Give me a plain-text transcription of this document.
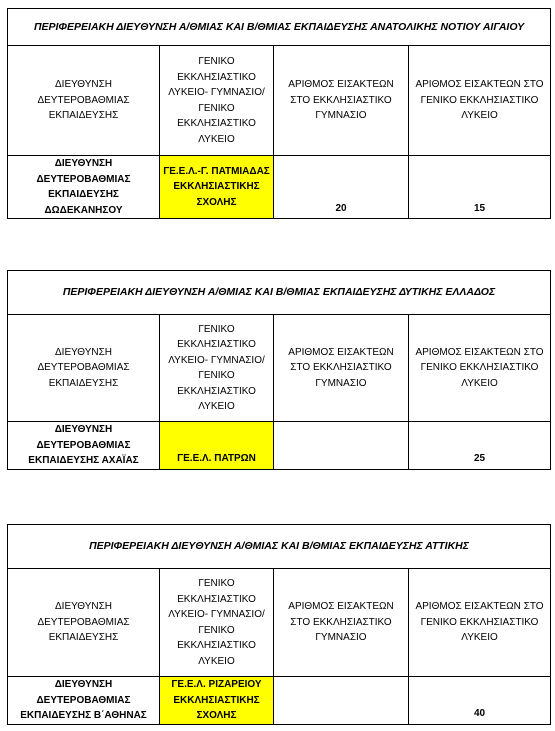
ΠΕΡΙΦΕΡΕΙΑΚΗ ΔΙΕΥΘΥΝΣΗ Α/ΘΜΙΑΣ ΚΑΙ Β/ΘΜΙΑΣ ΕΚΠΑΙΔΕΥΣΗΣ ΑΝΑΤΟΛΙΚΗΣ ΝΟΤΙΟΥ ΑΙΓΑΙΟΥ			
ΔΙΕΥΘΥΝΣΗ ΔΕΥΤΕΡΟΒΑΘΜΙΑΣ ΕΚΠΑΙΔΕΥΣΗΣ	ΓΕΝΙΚΟ ΕΚΚΛΗΣΙΑΣΤΙΚΟ ΛΥΚΕΙΟ- ΓΥΜΝΑΣΙΟ/ ΓΕΝΙΚΟ ΕΚΚΛΗΣΙΑΣΤΙΚΟ ΛΥΚΕΙΟ	ΑΡΙΘΜΟΣ ΕΙΣΑΚΤΕΩΝ ΣΤΟ ΕΚΚΛΗΣΙΑΣΤΙΚΟ ΓΥΜΝΑΣΙΟ	ΑΡΙΘΜΟΣ ΕΙΣΑΚΤΕΩΝ ΣΤΟ ΓΕΝΙΚΟ ΕΚΚΛΗΣΙΑΣΤΙΚΟ ΛΥΚΕΙΟ
ΔΙΕΥΘΥΝΣΗ ΔΕΥΤΕΡΟΒΑΘΜΙΑΣ ΕΚΠΑΙΔΕΥΣΗΣ ΔΩΔΕΚΑΝΗΣΟΥ	ΓΕ.Ε.Λ.-Γ. ΠΑΤΜΙΑΔΑΣ ΕΚΚΛΗΣΙΑΣΤΙΚΗΣ ΣΧΟΛΗΣ	20	15
ΠΕΡΙΦΕΡΕΙΑΚΗ ΔΙΕΥΘΥΝΣΗ Α/ΘΜΙΑΣ ΚΑΙ Β/ΘΜΙΑΣ ΕΚΠΑΙΔΕΥΣΗΣ ΔΥΤΙΚΗΣ ΕΛΛΑΔΟΣ			
ΔΙΕΥΘΥΝΣΗ ΔΕΥΤΕΡΟΒΑΘΜΙΑΣ ΕΚΠΑΙΔΕΥΣΗΣ	ΓΕΝΙΚΟ ΕΚΚΛΗΣΙΑΣΤΙΚΟ ΛΥΚΕΙΟ- ΓΥΜΝΑΣΙΟ/ ΓΕΝΙΚΟ ΕΚΚΛΗΣΙΑΣΤΙΚΟ ΛΥΚΕΙΟ	ΑΡΙΘΜΟΣ ΕΙΣΑΚΤΕΩΝ ΣΤΟ ΕΚΚΛΗΣΙΑΣΤΙΚΟ ΓΥΜΝΑΣΙΟ	ΑΡΙΘΜΟΣ ΕΙΣΑΚΤΕΩΝ ΣΤΟ ΓΕΝΙΚΟ ΕΚΚΛΗΣΙΑΣΤΙΚΟ ΛΥΚΕΙΟ
ΔΙΕΥΘΥΝΣΗ ΔΕΥΤΕΡΟΒΑΘΜΙΑΣ ΕΚΠΑΙΔΕΥΣΗΣ ΑΧΑΪΑΣ	ΓΕ.Ε.Λ. ΠΑΤΡΩΝ		25
ΠΕΡΙΦΕΡΕΙΑΚΗ ΔΙΕΥΘΥΝΣΗ Α/ΘΜΙΑΣ ΚΑΙ Β/ΘΜΙΑΣ ΕΚΠΑΙΔΕΥΣΗΣ ΑΤΤΙΚΗΣ			
ΔΙΕΥΘΥΝΣΗ ΔΕΥΤΕΡΟΒΑΘΜΙΑΣ ΕΚΠΑΙΔΕΥΣΗΣ	ΓΕΝΙΚΟ ΕΚΚΛΗΣΙΑΣΤΙΚΟ ΛΥΚΕΙΟ- ΓΥΜΝΑΣΙΟ/ ΓΕΝΙΚΟ ΕΚΚΛΗΣΙΑΣΤΙΚΟ ΛΥΚΕΙΟ	ΑΡΙΘΜΟΣ ΕΙΣΑΚΤΕΩΝ ΣΤΟ ΕΚΚΛΗΣΙΑΣΤΙΚΟ ΓΥΜΝΑΣΙΟ	ΑΡΙΘΜΟΣ ΕΙΣΑΚΤΕΩΝ ΣΤΟ ΓΕΝΙΚΟ ΕΚΚΛΗΣΙΑΣΤΙΚΟ ΛΥΚΕΙΟ
ΔΙΕΥΘΥΝΣΗ ΔΕΥΤΕΡΟΒΑΘΜΙΑΣ ΕΚΠΑΙΔΕΥΣΗΣ Β΄ΑΘΗΝΑΣ	ΓΕ.Ε.Λ. ΡΙΖΑΡΕΙΟΥ ΕΚΚΛΗΣΙΑΣΤΙΚΗΣ ΣΧΟΛΗΣ		40
